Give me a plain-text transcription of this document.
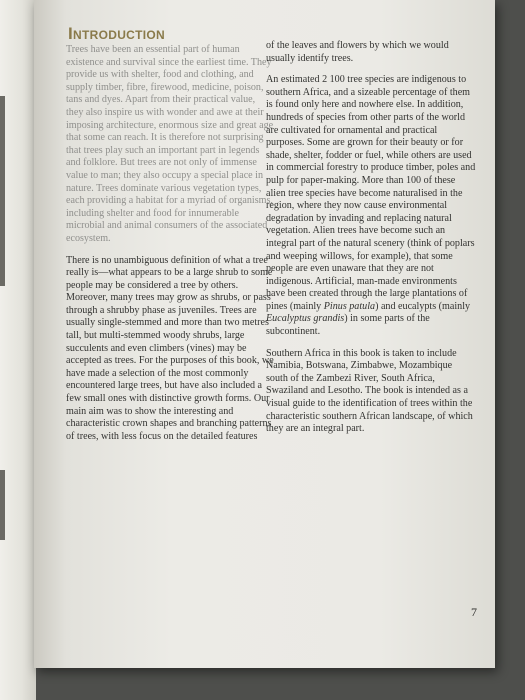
INTRODUCTION

Trees have been an essential part of human existence and survival since the earliest time. They provide us with shelter, food and clothing, and supply timber, fibre, firewood, medicine, poison, tans and dyes. Apart from their practical value, they also inspire us with wonder and awe at their imposing architecture, enormous size and great age that some can reach. It is therefore not surprising that trees play such an important part in legends and folklore. But trees are not only of immense value to man; they also occupy a special place in nature. Trees dominate various vegetation types, each providing a habitat for a myriad of organisms, including shelter and food for innumerable microbial and animal consumers of the associated ecosystem.

There is no unambiguous definition of what a tree really is—what appears to be a large shrub to some people may be considered a tree by others. Moreover, many trees may grow as shrubs, or pass through a shrubby phase as juveniles. Trees are usually single-stemmed and more than two metres tall, but multi-stemmed woody shrubs, large succulents and even climbers (vines) may be accepted as trees. For the purposes of this book, we have made a selection of the most commonly encountered large trees, but have also included a few small ones with distinctive growth forms. Our main aim was to show the interesting and characteristic crown shapes and branching patterns of trees, with less focus on the detailed features

of the leaves and flowers by which we would usually identify trees.

An estimated 2 100 tree species are indigenous to southern Africa, and a sizeable percentage of them is found only here and nowhere else. In addition, hundreds of species from other parts of the world are cultivated for ornamental and practical purposes. Some are grown for their beauty or for shade, shelter, fodder or fuel, while others are used in commercial forestry to produce timber, poles and pulp for paper-making. More than 100 of these alien tree species have become naturalised in the region, where they now cause environmental degradation by invading and replacing natural vegetation. Alien trees have become such an integral part of the natural scenery (think of poplars and weeping willows, for example), that some people are even unaware that they are not indigenous. Artificial, man-made environments have been created through the large plantations of pines (mainly Pinus patula) and eucalypts (mainly Eucalyptus grandis) in some parts of the subcontinent.

Southern Africa in this book is taken to include Namibia, Botswana, Zimbabwe, Mozambique south of the Zambezi River, South Africa, Swaziland and Lesotho. The book is intended as a visual guide to the identification of trees within the characteristic southern African landscape, of which they are an integral part.

7
